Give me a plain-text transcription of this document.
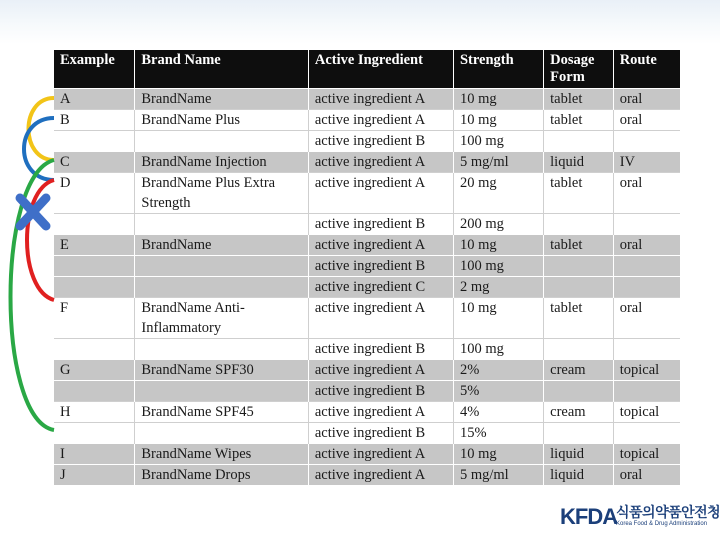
Example	Brand Name	Active Ingredient	Strength	Dosage Form	Route
A	BrandName	active ingredient A	10 mg	tablet	oral
B	BrandName Plus	active ingredient A	10 mg	tablet	oral
		active ingredient B	100 mg		
C	BrandName Injection	active ingredient A	5 mg/ml	liquid	IV
D	BrandName Plus Extra Strength	active ingredient A	20 mg	tablet	oral
		active ingredient B	200 mg		
E	BrandName	active ingredient A	10 mg	tablet	oral
		active ingredient B	100 mg		
		active ingredient C	2 mg		
F	BrandName Anti-Inflammatory	active ingredient A	10 mg	tablet	oral
		active ingredient B	100 mg		
G	BrandName SPF30	active ingredient A	2%	cream	topical
		active ingredient B	5%		
H	BrandName SPF45	active ingredient A	4%	cream	topical
		active ingredient B	15%		
I	BrandName Wipes	active ingredient A	10 mg	liquid	topical
J	BrandName Drops	active ingredient A	5 mg/ml	liquid	oral
KFDA
식품의약품안전청
Korea Food & Drug Administration
